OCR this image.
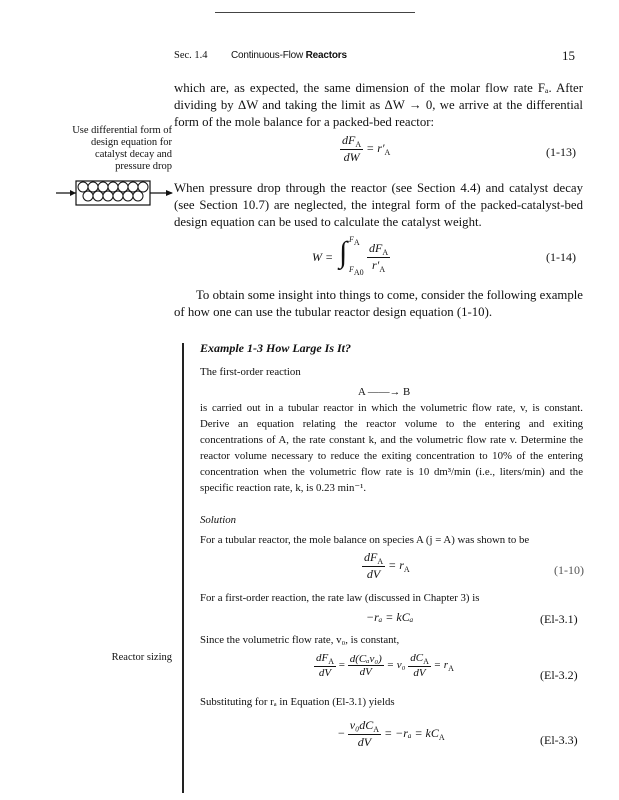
Sec. 1.4 Continuous-Flow Reactors	15
which are, as expected, the same dimension of the molar flow rate Fₐ. After dividing by ΔW and taking the limit as ΔW → 0, we arrive at the differential form of the mole balance for a packed-bed reactor:
Use differential form of design equation for catalyst decay and pressure drop
$\frac{dF_A}{dW} = r'_A$	(1-13)
When pressure drop through the reactor (see Section 4.4) and catalyst decay (see Section 10.7) are neglected, the integral form of the packed-catalyst-bed design equation can be used to calculate the catalyst weight.
W = ∫ FA
FA0
$dF_A$
$r'_A$
(1-14)
To obtain some insight into things to come, consider the following example of how one can use the tubular reactor design equation (1-10).
Example 1-3 How Large Is It?
The first-order reaction
A ——→ B
is carried out in a tubular reactor in which the volumetric flow rate, v, is constant. Derive an equation relating the reactor volume to the entering and exiting concentrations of A, the rate constant k, and the volumetric flow rate v. Determine the reactor volume necessary to reduce the exiting concentration to 10% of the entering concentration when the volumetric flow rate is 10 dm³/min (i.e., liters/min) and the specific reaction rate, k, is 0.23 min⁻¹.
Solution
For a tubular reactor, the mole balance on species A (j = A) was shown to be
$\frac{dF_A}{dV} = r_A$	(1-10)
For a first-order reaction, the rate law (discussed in Chapter 3) is
−rₐ = kCₐ	(El-3.1)
Since the volumetric flow rate, v₀, is constant,
Reactor sizing	$\frac{dF_A}{dV} = \frac{\text{d(Cₐv₀)}}{dV} = v_0 \frac{dC_A}{dV} = r_A$	(El-3.2)
Substituting for rₐ in Equation (El-3.1) yields
− $\frac{v_0dC_A}{dV} = -r_a = kC_A$	(El-3.3)
